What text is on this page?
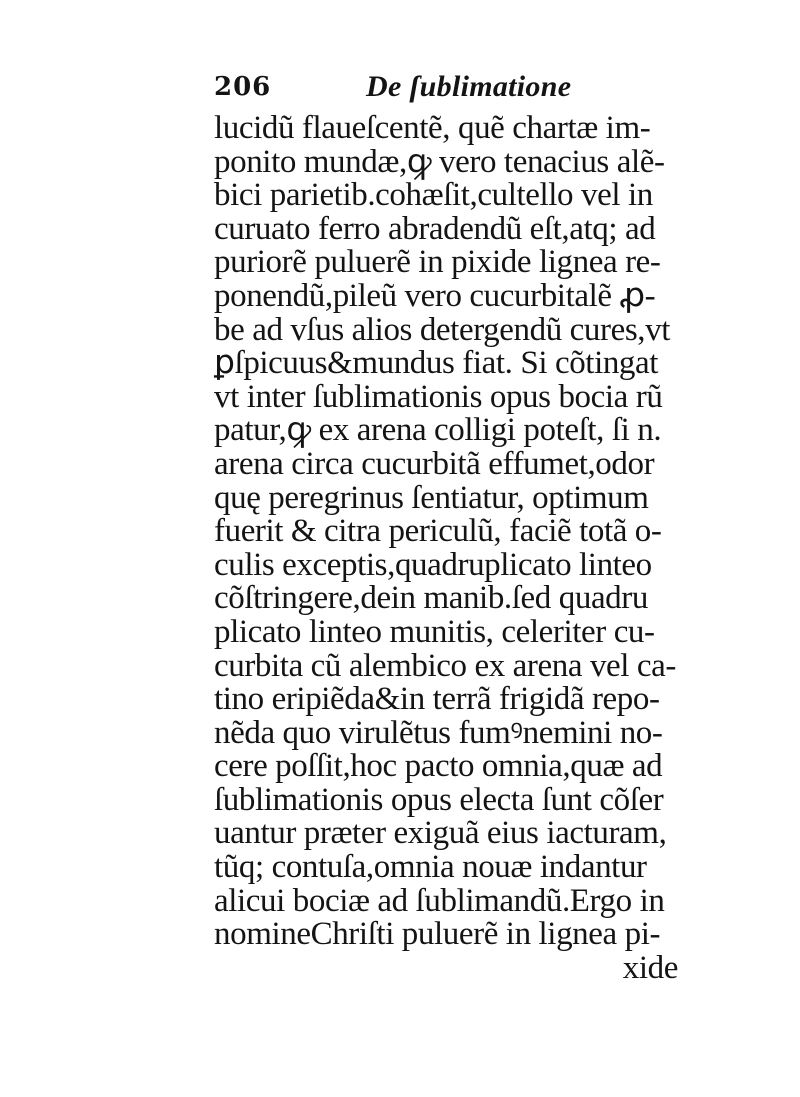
206	De ſublimatione
lucidũ flaueſcentẽ, quẽ chartæ im-
ponito mundæ,ꝙ vero tenacius alẽ-
bici parietib.cohæſit,cultello vel in
curuato ferro abradendũ eſt,atq; ad
puriorẽ puluerẽ in pixide lignea re-
ponendũ,pileũ vero cucurbitalẽ ꝓ-
be ad vſus alios detergendũ cures,vt
ꝑſpicuus&mundus fiat. Si cõtingat
vt inter ſublimationis opus bocia rũ
patur,ꝙ ex arena colligi poteſt, ſi n.
arena circa cucurbitã effumet,odor
quę peregrinus ſentiatur, optimum
fuerit & citra periculũ, faciẽ totã o-
culis exceptis,quadruplicato linteo
cõſtringere,dein manib.ſed quadru
plicato linteo munitis, celeriter cu-
curbita cũ alembico ex arena vel ca-
tino eripiẽda&in terrã frigidã repo-
nẽda quo virulẽtus fumꝰnemini no-
cere poſſit,hoc pacto omnia,quæ ad
ſublimationis opus electa ſunt cõſer
uantur præter exiguã eius iacturam,
tũq; contuſa,omnia nouæ indantur
alicui bociæ ad ſublimandũ.Ergo in
nomineChriſti puluerẽ in lignea pi-
xide
